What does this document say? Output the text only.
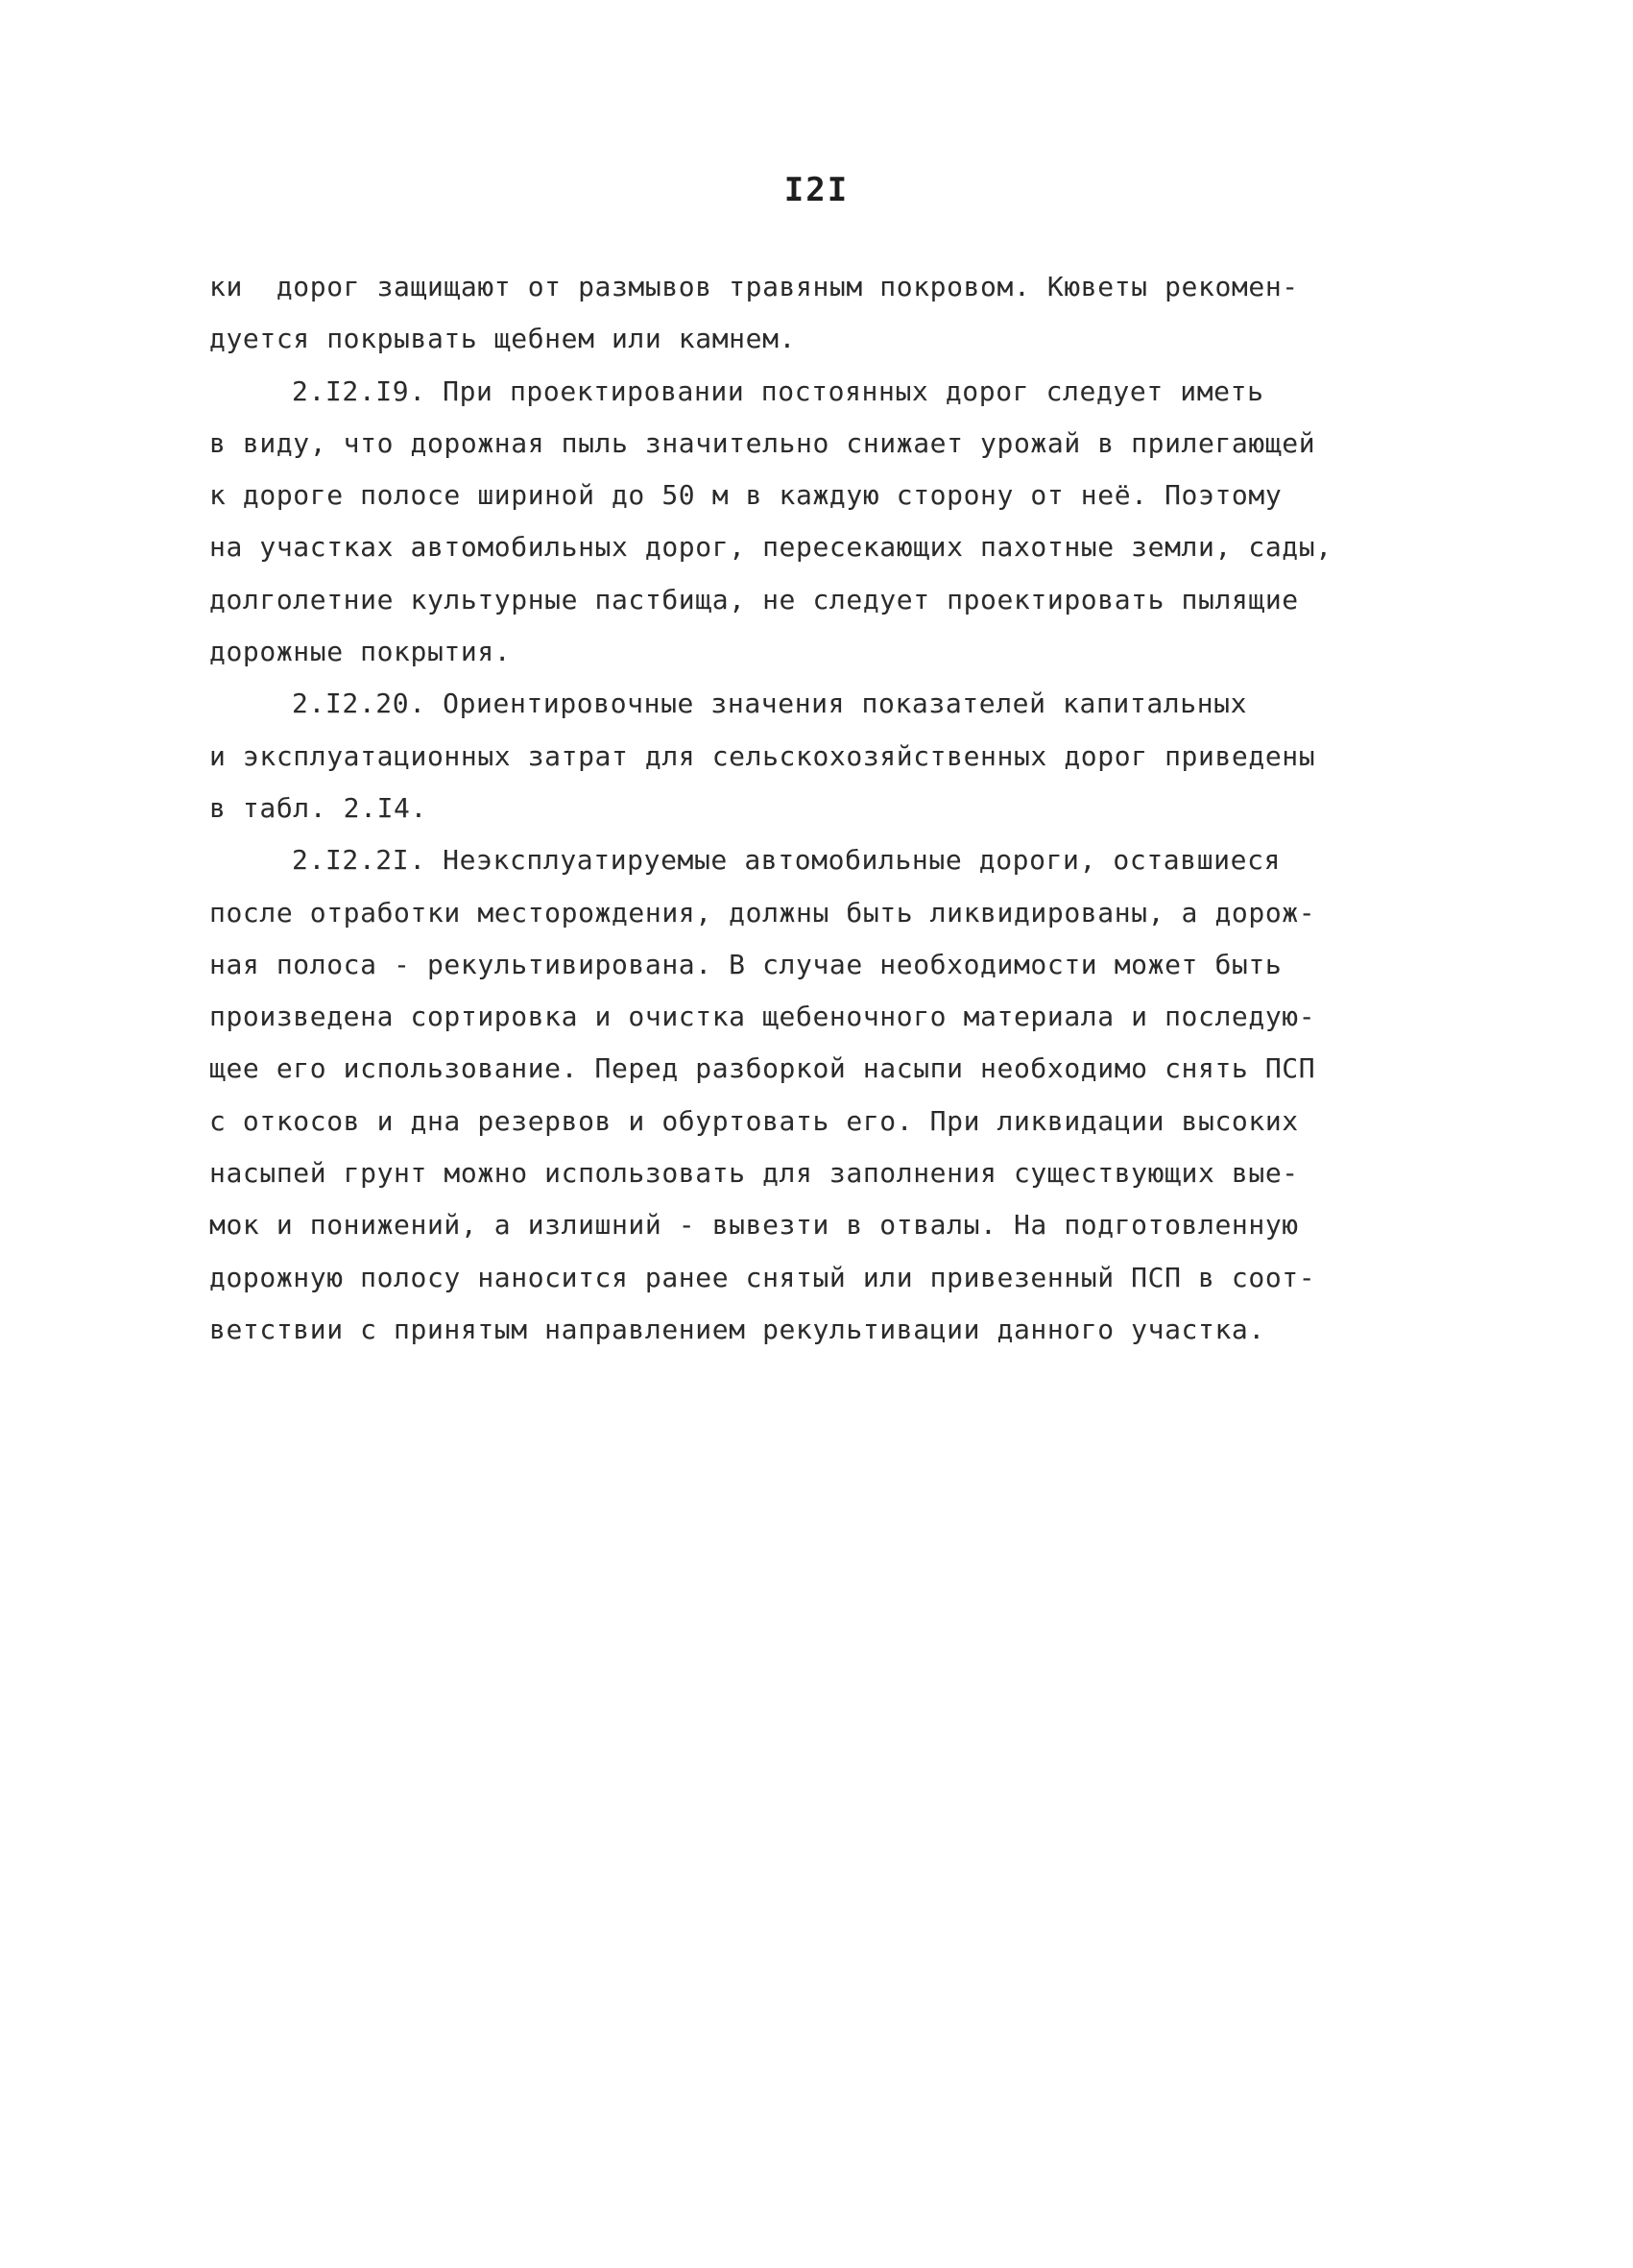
I2I
ки  дорог защищают от размывов травяным покровом. Кюветы рекомен-
дуется покрывать щебнем или камнем.
2.I2.I9. При проектировании постоянных дорог следует иметь
в виду, что дорожная пыль значительно снижает урожай в прилегающей
к дороге полосе шириной до 50 м в каждую сторону от неё. Поэтому
на участках автомобильных дорог, пересекающих пахотные земли, сады,
долголетние культурные пастбища, не следует проектировать пылящие
дорожные покрытия.
2.I2.20. Ориентировочные значения показателей капитальных
и эксплуатационных затрат для сельскохозяйственных дорог приведены
в табл. 2.I4.
2.I2.2I. Неэксплуатируемые автомобильные дороги, оставшиеся
после отработки месторождения, должны быть ликвидированы, а дорож-
ная полоса - рекультивирована. В случае необходимости может быть
произведена сортировка и очистка щебеночного материала и последую-
щее его использование. Перед разборкой насыпи необходимо снять ПСП
с откосов и дна резервов и обуртовать его. При ликвидации высоких
насыпей грунт можно использовать для заполнения существующих вые-
мок и понижений, а излишний - вывезти в отвалы. На подготовленную
дорожную полосу наносится ранее снятый или привезенный ПСП в соот-
ветствии с принятым направлением рекультивации данного участка.
